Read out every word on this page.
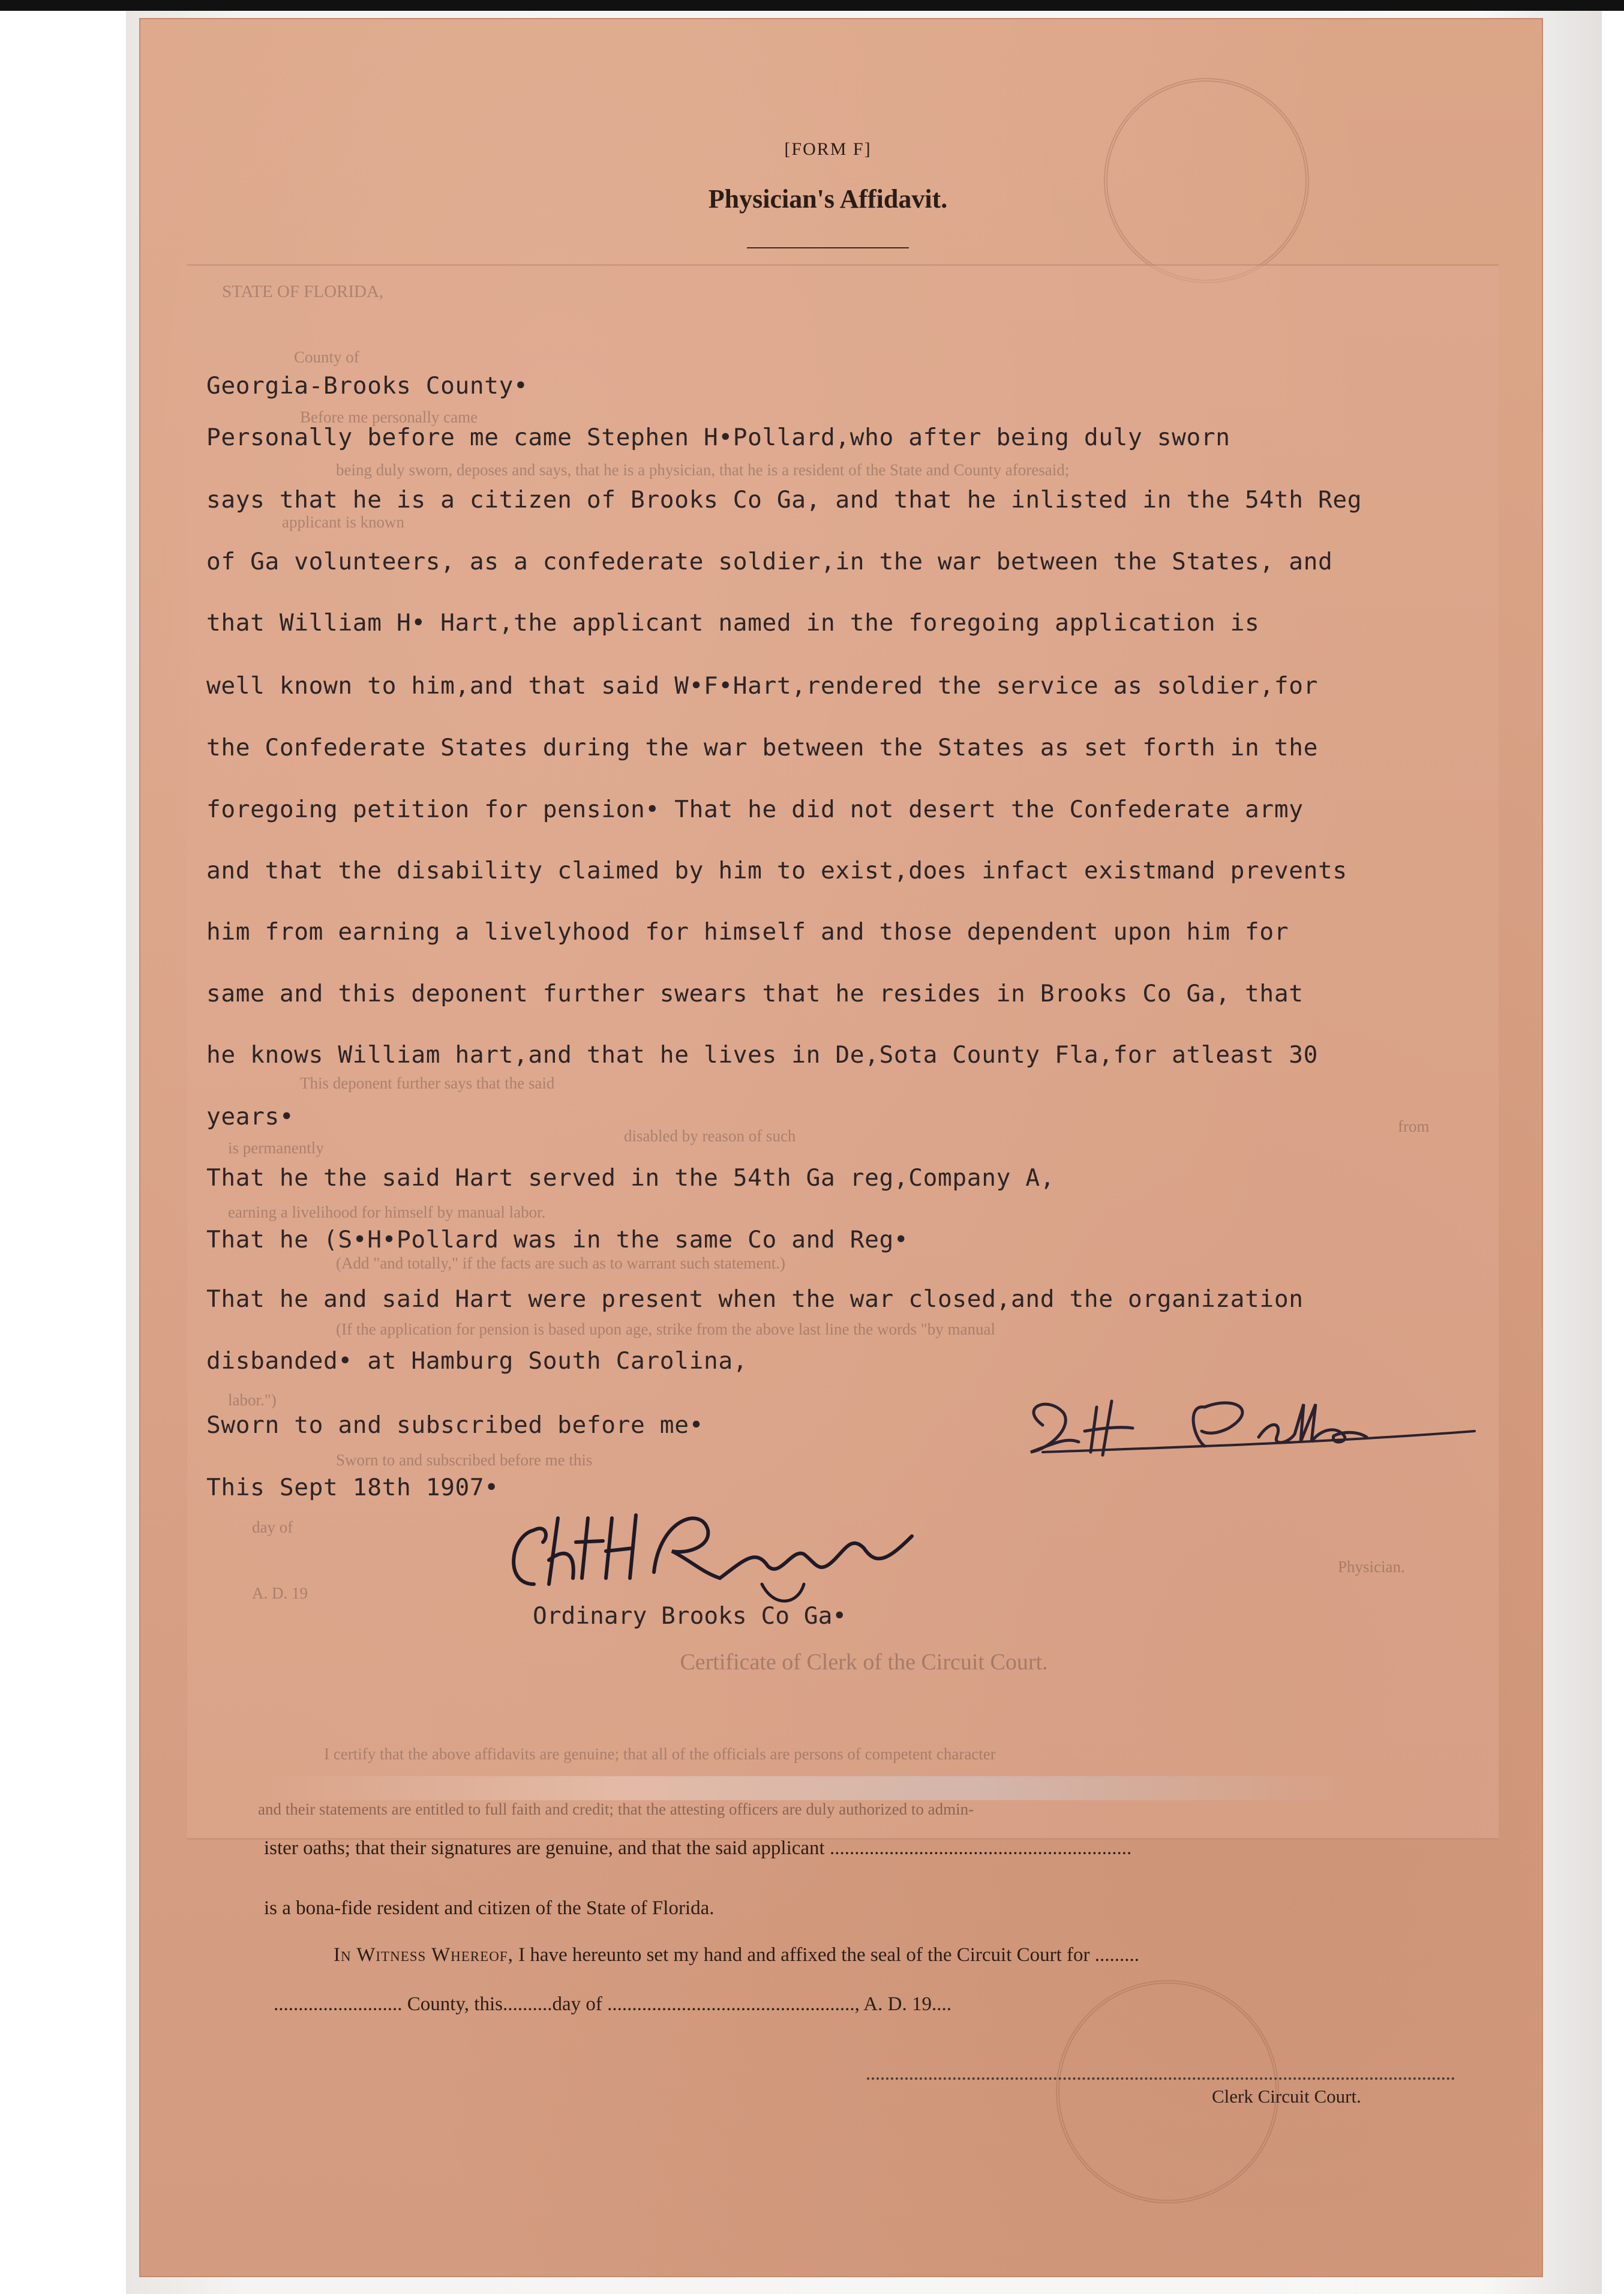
[FORM F]
Physician's Affidavit.
STATE OF FLORIDA,
County of
Before me personally came
being duly sworn, deposes and says, that he is a physician, that he is a resident of the State and County aforesaid;
applicant is known
This deponent further says that the said
is permanently
disabled by reason of such
from
earning a livelihood for himself by manual labor.
(Add "and totally," if the facts are such as to warrant such statement.)
(If the application for pension is based upon age, strike from the above last line the words "by manual
labor.")
Sworn to and subscribed before me this
day of
A. D. 19
Physician.
I certify that the above affidavits are genuine; that all of the officials are persons of competent character
and their statements are entitled to full faith and credit; that the attesting officers are duly authorized to admin-
Certificate of Clerk of the Circuit Court.
Georgia-Brooks County•
Personally before me came Stephen H•Pollard,who after being duly sworn
says that he is a citizen of Brooks Co Ga, and that he inlisted in the 54th Reg
of Ga volunteers, as a confederate soldier,in the war between the States, and
that William H• Hart,the applicant named in the foregoing application is
well known to him,and that said W•F•Hart,rendered the service as soldier,for
the Confederate States during the war between the States as set forth in the
foregoing petition for pension• That he did not desert the Confederate army
and that the disability claimed by him to exist,does infact existmand prevents
him from earning a livelyhood for himself and those dependent upon him for
same and this deponent further swears that he resides in Brooks Co Ga, that
he knows William hart,and that he lives in De,Sota County Fla,for atleast 30
years•
That he the said Hart served in the 54th Ga reg,Company A,
That he (S•H•Pollard was in the same Co and Reg•
That he and said Hart were present when the war closed,and the organization
disbanded• at Hamburg South Carolina,
Sworn to and subscribed before me•
This Sept 18th 1907•
Ordinary Brooks Co Ga•
ister oaths; that their signatures are genuine, and that the said applicant .............................................................
is a bona-fide resident and citizen of the State of Florida.
In Witness Whereof, I have hereunto set my hand and affixed the seal of the Circuit Court for .........
.......................... County, this..........day of .................................................., A. D. 19....
Clerk Circuit Court.
